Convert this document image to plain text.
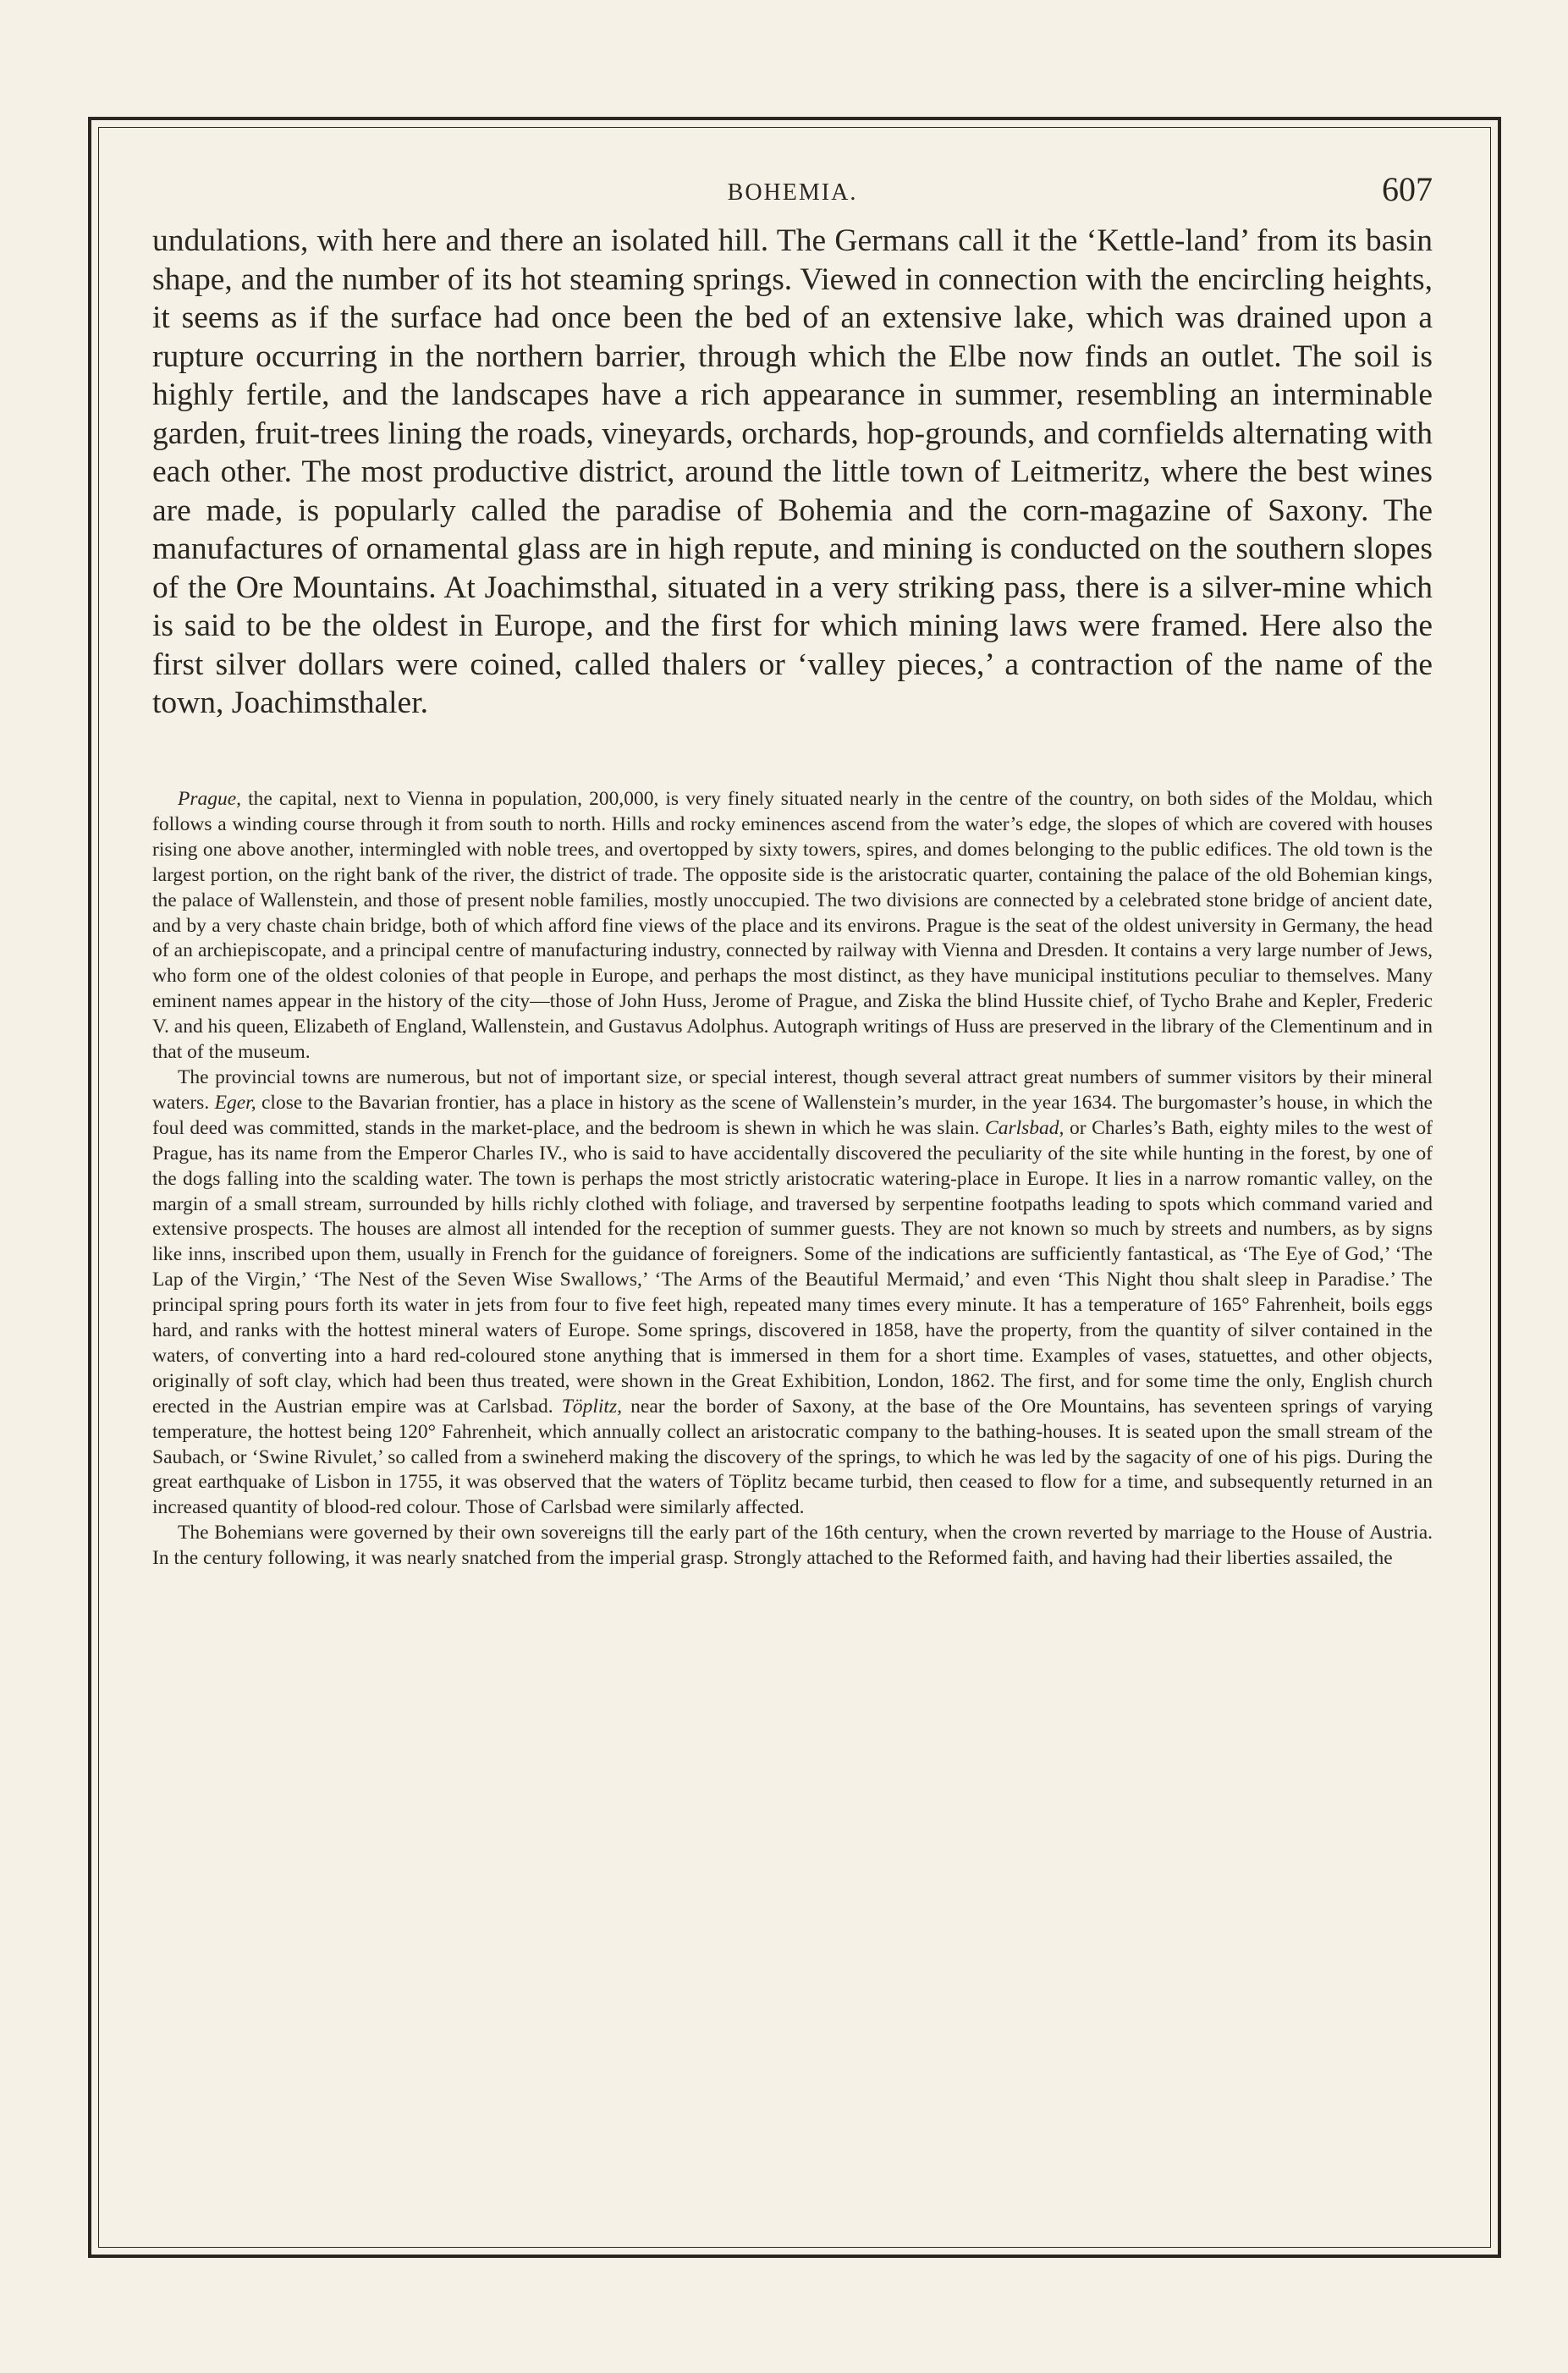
BOHEMIA.	607

undulations, with here and there an isolated hill. The Germans call it the ‘Kettle-land’ from its basin shape, and the number of its hot steaming springs. Viewed in connection with the encircling heights, it seems as if the surface had once been the bed of an extensive lake, which was drained upon a rupture occurring in the northern barrier, through which the Elbe now finds an outlet. The soil is highly fertile, and the landscapes have a rich appearance in summer, resembling an interminable garden, fruit-trees lining the roads, vineyards, orchards, hop-grounds, and cornfields alternating with each other. The most productive district, around the little town of Leitmeritz, where the best wines are made, is popularly called the paradise of Bohemia and the corn-magazine of Saxony. The manufactures of ornamental glass are in high repute, and mining is conducted on the southern slopes of the Ore Mountains. At Joachimsthal, situated in a very striking pass, there is a silver-mine which is said to be the oldest in Europe, and the first for which mining laws were framed. Here also the first silver dollars were coined, called thalers or ‘valley pieces,’ a contraction of the name of the town, Joachimsthaler.

Prague, the capital, next to Vienna in population, 200,000, is very finely situated nearly in the centre of the country, on both sides of the Moldau, which follows a winding course through it from south to north. Hills and rocky eminences ascend from the water’s edge, the slopes of which are covered with houses rising one above another, intermingled with noble trees, and overtopped by sixty towers, spires, and domes belonging to the public edifices. The old town is the largest portion, on the right bank of the river, the district of trade. The opposite side is the aristocratic quarter, containing the palace of the old Bohemian kings, the palace of Wallenstein, and those of present noble families, mostly unoccupied. The two divisions are connected by a celebrated stone bridge of ancient date, and by a very chaste chain bridge, both of which afford fine views of the place and its environs. Prague is the seat of the oldest university in Germany, the head of an archiepiscopate, and a principal centre of manufacturing industry, connected by railway with Vienna and Dresden. It contains a very large number of Jews, who form one of the oldest colonies of that people in Europe, and perhaps the most distinct, as they have municipal institutions peculiar to themselves. Many eminent names appear in the history of the city—those of John Huss, Jerome of Prague, and Ziska the blind Hussite chief, of Tycho Brahe and Kepler, Frederic V. and his queen, Elizabeth of England, Wallenstein, and Gustavus Adolphus. Autograph writings of Huss are preserved in the library of the Clementinum and in that of the museum.

The provincial towns are numerous, but not of important size, or special interest, though several attract great numbers of summer visitors by their mineral waters. Eger, close to the Bavarian frontier, has a place in history as the scene of Wallenstein’s murder, in the year 1634. The burgomaster’s house, in which the foul deed was committed, stands in the market-place, and the bedroom is shewn in which he was slain. Carlsbad, or Charles’s Bath, eighty miles to the west of Prague, has its name from the Emperor Charles IV., who is said to have accidentally discovered the peculiarity of the site while hunting in the forest, by one of the dogs falling into the scalding water. The town is perhaps the most strictly aristocratic watering-place in Europe. It lies in a narrow romantic valley, on the margin of a small stream, surrounded by hills richly clothed with foliage, and traversed by serpentine footpaths leading to spots which command varied and extensive prospects. The houses are almost all intended for the reception of summer guests. They are not known so much by streets and numbers, as by signs like inns, inscribed upon them, usually in French for the guidance of foreigners. Some of the indications are sufficiently fantastical, as ‘The Eye of God,’ ‘The Lap of the Virgin,’ ‘The Nest of the Seven Wise Swallows,’ ‘The Arms of the Beautiful Mermaid,’ and even ‘This Night thou shalt sleep in Paradise.’ The principal spring pours forth its water in jets from four to five feet high, repeated many times every minute. It has a temperature of 165° Fahrenheit, boils eggs hard, and ranks with the hottest mineral waters of Europe. Some springs, discovered in 1858, have the property, from the quantity of silver contained in the waters, of converting into a hard red-coloured stone anything that is immersed in them for a short time. Examples of vases, statuettes, and other objects, originally of soft clay, which had been thus treated, were shown in the Great Exhibition, London, 1862. The first, and for some time the only, English church erected in the Austrian empire was at Carlsbad. Töplitz, near the border of Saxony, at the base of the Ore Mountains, has seventeen springs of varying temperature, the hottest being 120° Fahrenheit, which annually collect an aristocratic company to the bathing-houses. It is seated upon the small stream of the Saubach, or ‘Swine Rivulet,’ so called from a swineherd making the discovery of the springs, to which he was led by the sagacity of one of his pigs. During the great earthquake of Lisbon in 1755, it was observed that the waters of Töplitz became turbid, then ceased to flow for a time, and subsequently returned in an increased quantity of blood-red colour. Those of Carlsbad were similarly affected.

The Bohemians were governed by their own sovereigns till the early part of the 16th century, when the crown reverted by marriage to the House of Austria. In the century following, it was nearly snatched from the imperial grasp. Strongly attached to the Reformed faith, and having had their liberties assailed, the
